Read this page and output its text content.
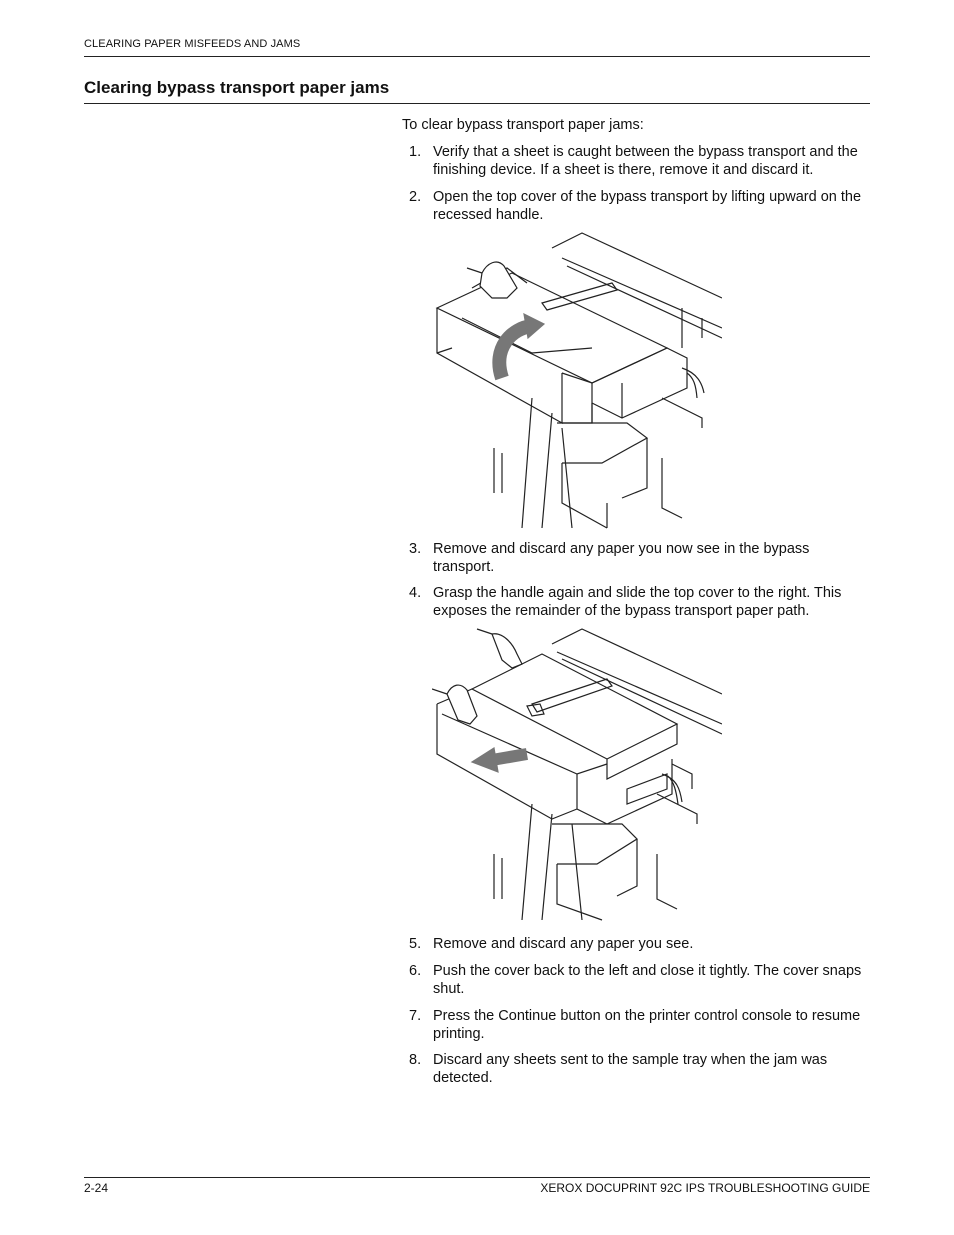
CLEARING PAPER MISFEEDS AND JAMS
Clearing bypass transport paper jams
To clear bypass transport paper jams:
1. Verify that a sheet is caught between the bypass transport and the finishing device. If a sheet is there, remove it and discard it.
2. Open the top cover of the bypass transport by lifting upward on the recessed handle.
3. Remove and discard any paper you now see in the bypass transport.
4. Grasp the handle again and slide the top cover to the right. This exposes the remainder of the bypass transport paper path.
5. Remove and discard any paper you see.
6. Push the cover back to the left and close it tightly. The cover snaps shut.
7. Press the Continue button on the printer control console to resume printing.
8. Discard any sheets sent to the sample tray when the jam was detected.
2-24	XEROX DOCUPRINT 92C IPS TROUBLESHOOTING GUIDE
